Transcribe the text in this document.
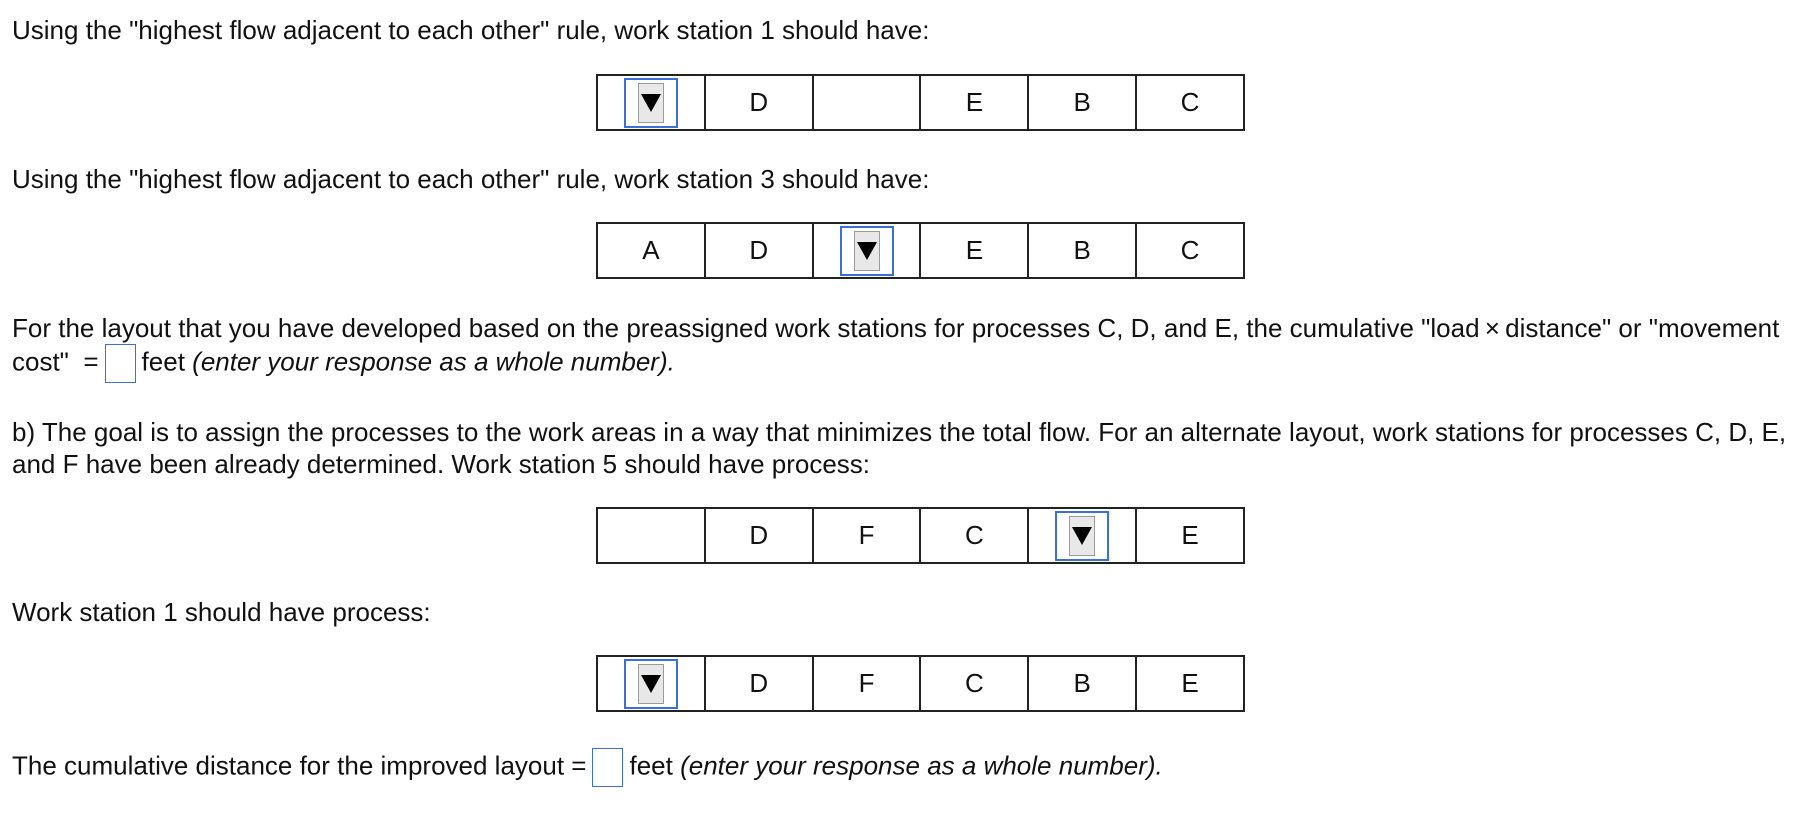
Using the "highest flow adjacent to each other" rule, work station 1 should have:

D	E	B	C

Using the "highest flow adjacent to each other" rule, work station 3 should have:

A	D	E	B	C

For the layout that you have developed based on the preassigned work stations for processes C, D, and E, the cumulative "load × distance" or "movement cost"  = feet (enter your response as a whole number).

b) The goal is to assign the processes to the work areas in a way that minimizes the total flow. For an alternate layout, work stations for processes C, D, E, and F have been already determined. Work station 5 should have process:

D	F	C	E

Work station 1 should have process:

D	F	C	B	E

The cumulative distance for the improved layout = feet (enter your response as a whole number).
